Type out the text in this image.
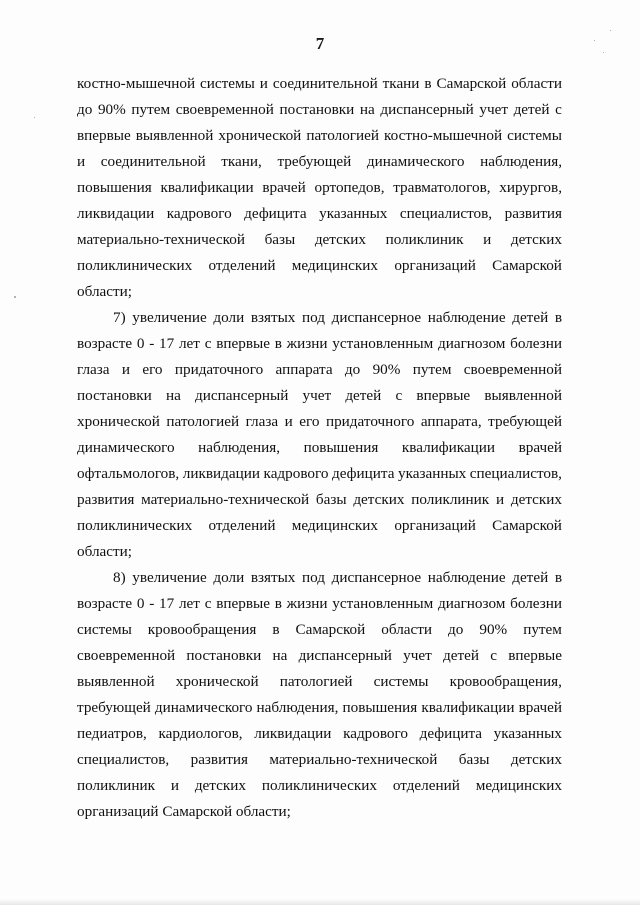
7
костно-мышечной системы и соединительной ткани в Самарской области
до 90% путем своевременной постановки на диспансерный учет детей с
впервые выявленной хронической патологией костно-мышечной системы
и соединительной ткани, требующей динамического наблюдения,
повышения квалификации врачей ортопедов, травматологов, хирургов,
ликвидации кадрового дефицита указанных специалистов, развития
материально-технической базы детских поликлиник и детских
поликлинических отделений медицинских организаций Самарской
области;
7) увеличение доли взятых под диспансерное наблюдение детей в
возрасте 0 - 17 лет с впервые в жизни установленным диагнозом болезни
глаза и его придаточного аппарата до 90% путем своевременной
постановки на диспансерный учет детей с впервые выявленной
хронической патологией глаза и его придаточного аппарата, требующей
динамического наблюдения, повышения квалификации врачей
офтальмологов, ликвидации кадрового дефицита указанных специалистов,
развития материально-технической базы детских поликлиник и детских
поликлинических отделений медицинских организаций Самарской
области;
8) увеличение доли взятых под диспансерное наблюдение детей в
возрасте 0 - 17 лет с впервые в жизни установленным диагнозом болезни
системы кровообращения в Самарской области до 90% путем
своевременной постановки на диспансерный учет детей с впервые
выявленной хронической патологией системы кровообращения,
требующей динамического наблюдения, повышения квалификации врачей
педиатров, кардиологов, ликвидации кадрового дефицита указанных
специалистов, развития материально-технической базы детских
поликлиник и детских поликлинических отделений медицинских
организаций Самарской области;
